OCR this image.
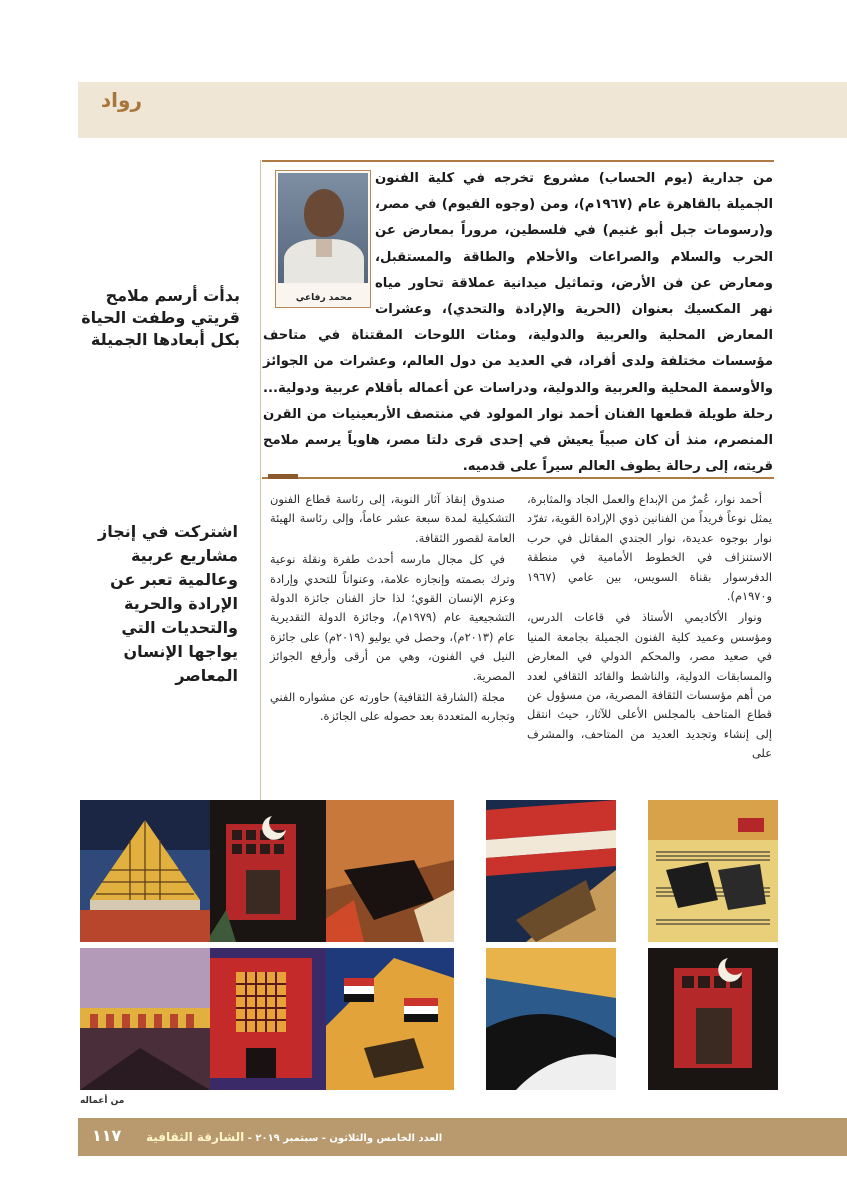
رواد
محمد رفاعي
من جدارية (يوم الحساب) مشروع تخرجه في كلية الفنون الجميلة بالقاهرة عام (١٩٦٧م)، ومن (وجوه الفيوم) في مصر، و(رسومات جبل أبو غنيم) في فلسطين، مروراً بمعارض عن الحرب والسلام والصراعات والأحلام والطاقة والمستقبل، ومعارض عن فن الأرض، وتماثيل ميدانية عملاقة تحاور مياه نهر المكسيك بعنوان (الحرية والإرادة والتحدي)، وعشرات المعارض المحلية والعربية والدولية، ومئات اللوحات المقتناة في متاحف مؤسسات مختلفة ولدى أفراد، في العديد من دول العالم، وعشرات من الجوائز والأوسمة المحلية والعربية والدولية، ودراسات عن أعماله بأقلام عربية ودولية... رحلة طويلة قطعها الفنان أحمد نوار المولود في منتصف الأربعينيات من القرن المنصرم، منذ أن كان صبياً يعيش في إحدى قرى دلتا مصر، هاوياً يرسم ملامح قريته، إلى رحالة يطوف العالم سيراً على قدميه.
بدأت أرسم ملامح قريتي وطفت الحياة بكل أبعادها الجميلة
اشتركت في إنجاز مشاريع عربية وعالمية تعبر عن الإرادة والحرية والتحديات التي يواجها الإنسان المعاصر

أحمد نوار، عُمرٌ من الإبداع والعمل الجاد والمثابرة، يمثل نوعاً فريداً من الفنانين ذوي الإرادة القوية، تفرّد نوار بوجوه عديدة، نوار الجندي المقاتل في حرب الاستنزاف في الخطوط الأمامية في منطقة الدفرسوار بقناة السويس، بين عامي (١٩٦٧ و١٩٧٠م).

ونوار الأكاديمي الأستاذ في قاعات الدرس، ومؤسس وعميد كلية الفنون الجميلة بجامعة المنيا في صعيد مصر، والمحكم الدولي في المعارض والمسابقات الدولية، والناشط والقائد الثقافي لعدد من أهم مؤسسات الثقافة المصرية، من مسؤول عن قطاع المتاحف بالمجلس الأعلى للآثار، حيث انتقل إلى إنشاء وتجديد العديد من المتاحف، والمشرف على

صندوق إنقاذ آثار النوبة، إلى رئاسة قطاع الفنون التشكيلية لمدة سبعة عشر عاماً، وإلى رئاسة الهيئة العامة لقصور الثقافة.

في كل مجال مارسه أحدث طفرة ونقلة نوعية وترك بصمته وإنجازه علامة، وعنواناً للتحدي وإرادة وعزم الإنسان القوي؛ لذا حاز الفنان جائزة الدولة التشجيعية عام (١٩٧٩م)، وجائزة الدولة التقديرية عام (٢٠١٣م)، وحصل في يوليو (٢٠١٩م) على جائزة النيل في الفنون، وهي من أرقى وأرفع الجوائز المصرية.

مجلة (الشارقة الثقافية) حاورته عن مشواره الفني وتجاربه المتعددة بعد حصوله على الجائزة.

من أعماله
١١٧	العدد الخامس والثلاثون - سبتمبر ٢٠١٩ - الشارقة الثقافية
